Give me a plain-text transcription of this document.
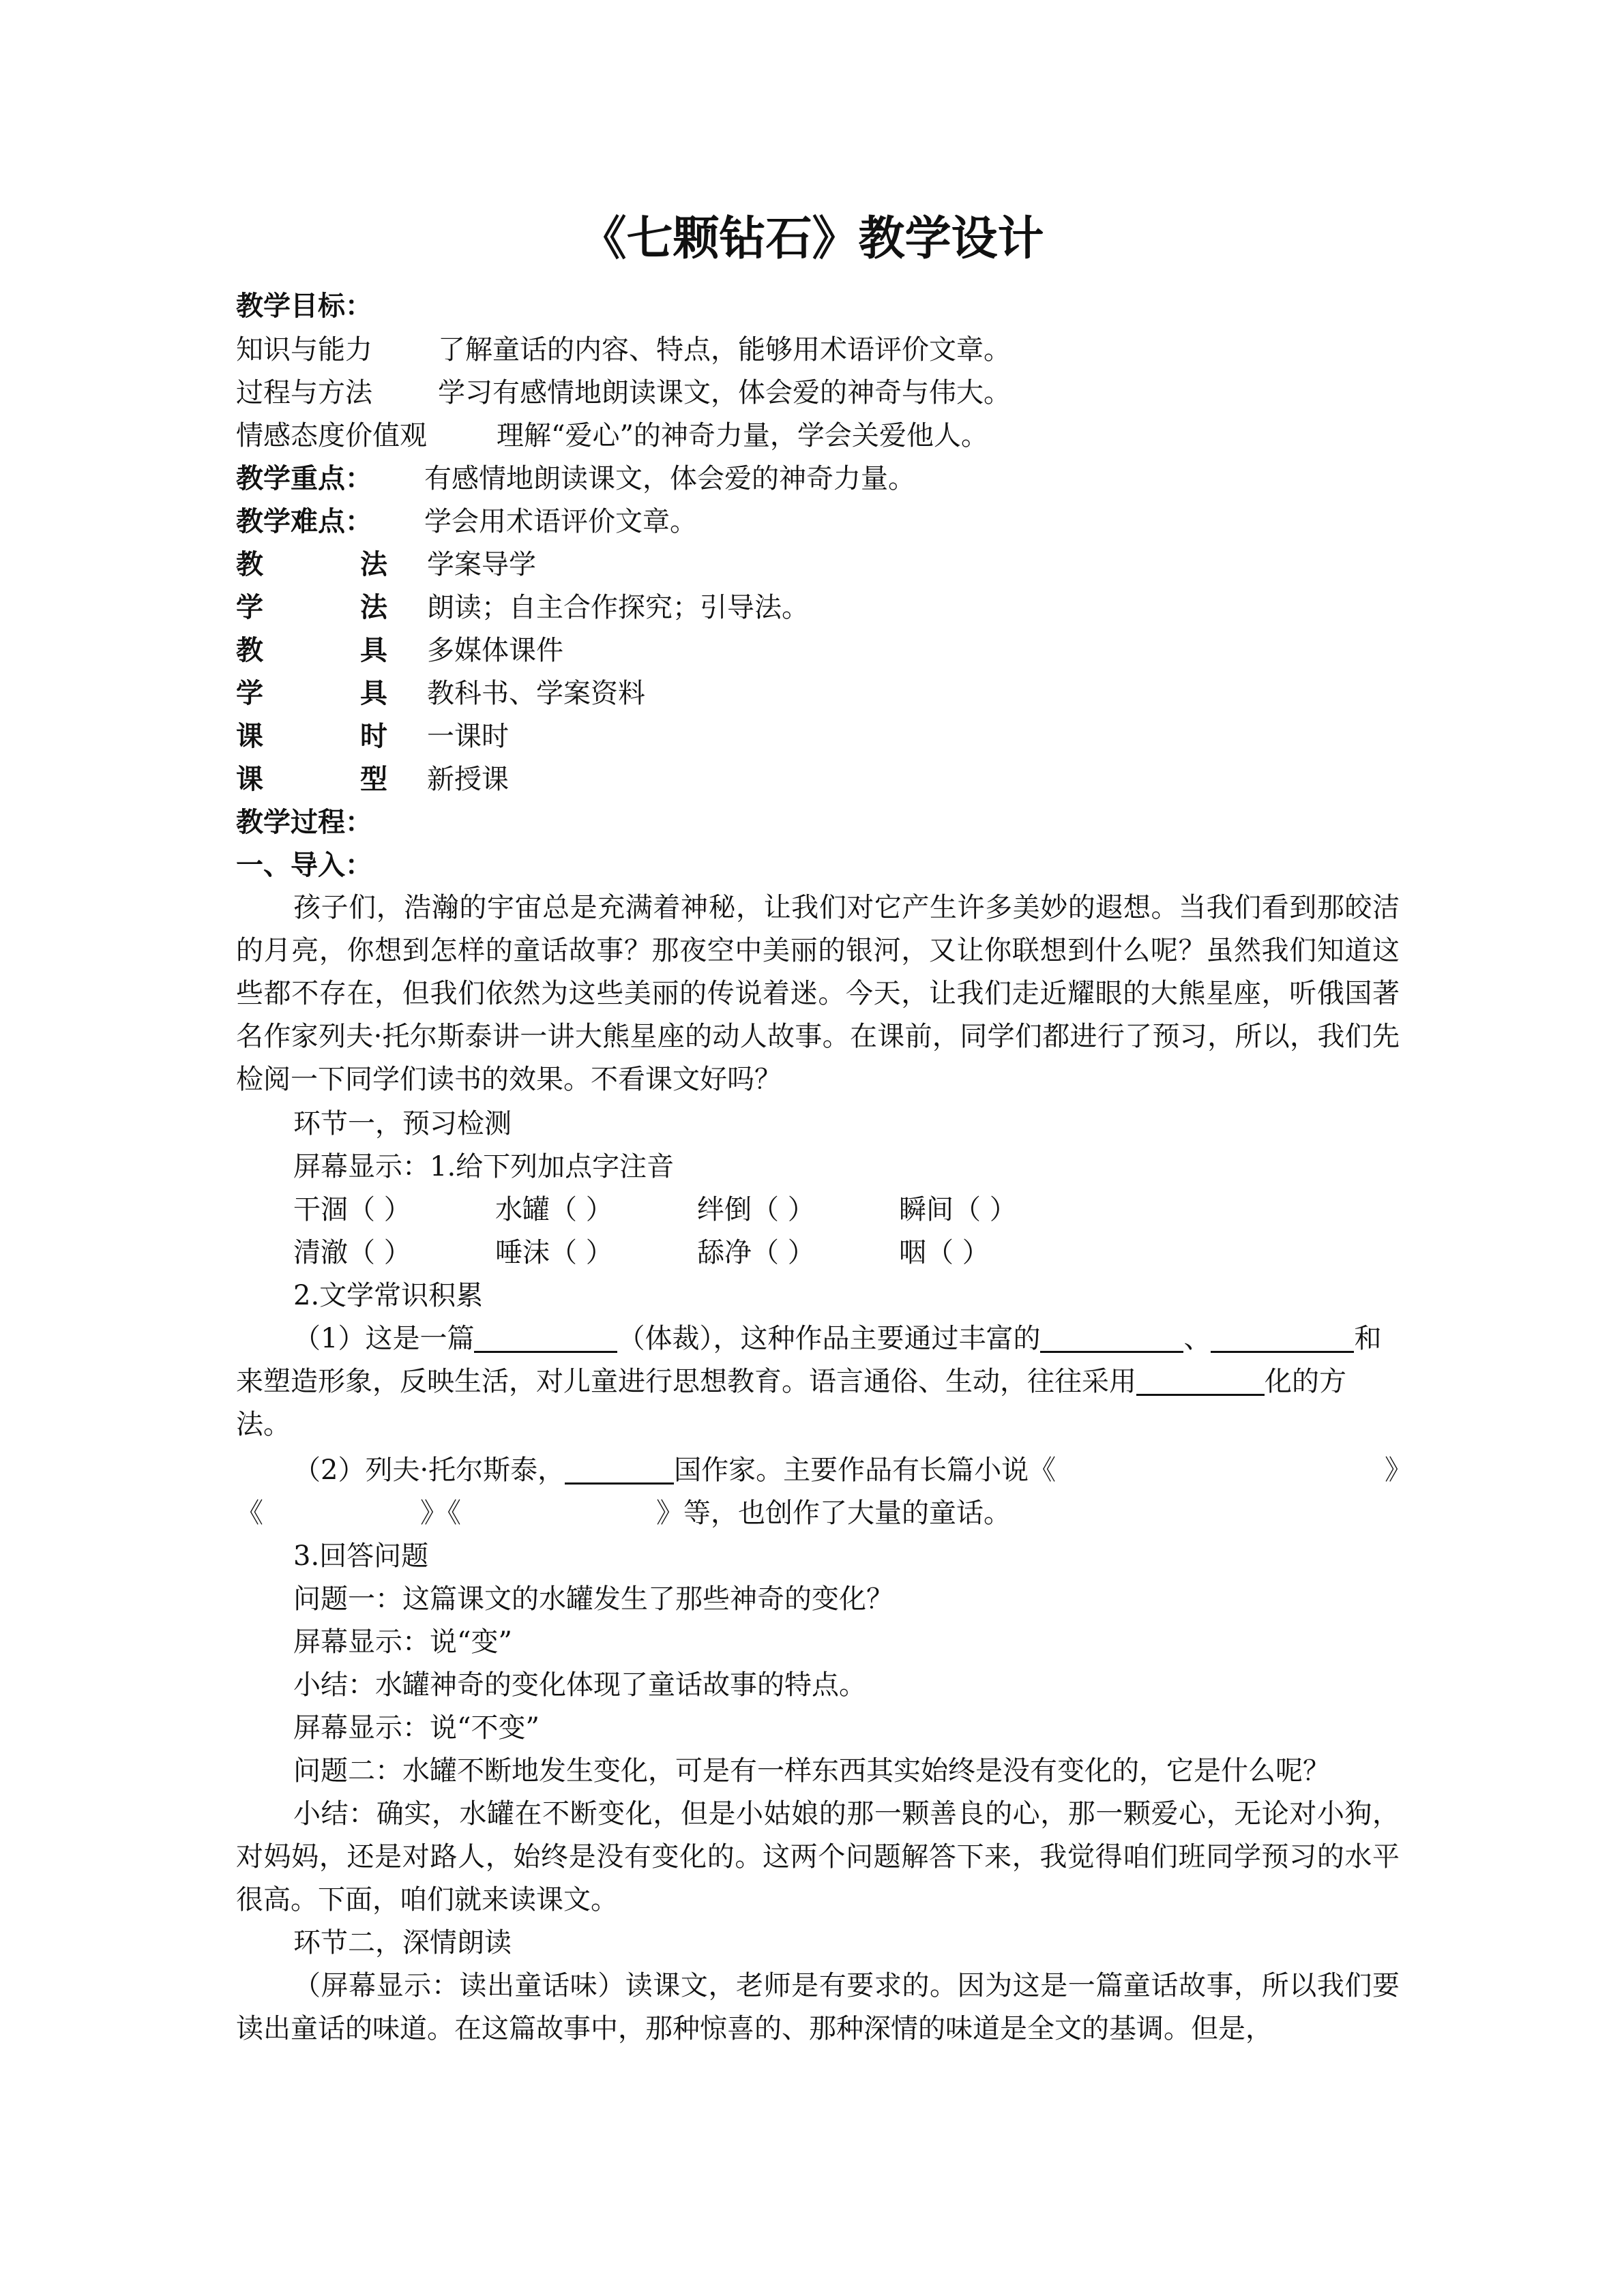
《七颗钻石》教学设计
教学目标：
知识与能力 了解童话的内容、特点，能够用术语评价文章。
过程与方法 学习有感情地朗读课文，体会爱的神奇与伟大。
情感态度价值观	理解“爱心”的神奇力量，学会关爱他人。
教学重点： 有感情地朗读课文，体会爱的神奇力量。
教学难点： 学会用术语评价文章。
教	法 学案导学
学	法 朗读；自主合作探究；引导法。
教	具 多媒体课件
学	具 教科书、学案资料
课	时 一课时
课	型 新授课
教学过程：
一、导入：
孩子们，浩瀚的宇宙总是充满着神秘，让我们对它产生许多美妙的遐想。当我们看到那皎洁的月亮，你想到怎样的童话故事？那夜空中美丽的银河，又让你联想到什么呢？虽然我们知道这些都不存在，但我们依然为这些美丽的传说着迷。今天，让我们走近耀眼的大熊星座，听俄国著名作家列夫·托尔斯泰讲一讲大熊星座的动人故事。在课前，同学们都进行了预习，所以，我们先检阅一下同学们读书的效果。不看课文好吗？
环节一，预习检测
屏幕显示：1.给下列加点字注音
干涸（ ）	水罐（ ）	绊倒（ ）	瞬间（ ）
清澈（ ）	唾沫（ ）	舔净（ ）	咽（ ）
2.文学常识积累
（1）这是一篇	（体裁），这种作品主要通过丰富的	、	和
来塑造形象，反映生活，对儿童进行思想教育。语言通俗、生动，往往采用	化的方
法。
（2）列夫·托尔斯泰，	国作家。主要作品有长篇小说《	》
《	》《	》等，也创作了大量的童话。
3.回答问题
问题一：这篇课文的水罐发生了那些神奇的变化？
屏幕显示：说“变”
小结：水罐神奇的变化体现了童话故事的特点。
屏幕显示：说“不变”
问题二：水罐不断地发生变化，可是有一样东西其实始终是没有变化的，它是什么呢？
小结：确实，水罐在不断变化，但是小姑娘的那一颗善良的心，那一颗爱心，无论对小狗，对妈妈，还是对路人，始终是没有变化的。这两个问题解答下来，我觉得咱们班同学预习的水平很高。下面，咱们就来读课文。
环节二，深情朗读
（屏幕显示：读出童话味）读课文，老师是有要求的。因为这是一篇童话故事，所以我们要读出童话的味道。在这篇故事中，那种惊喜的、那种深情的味道是全文的基调。但是，
